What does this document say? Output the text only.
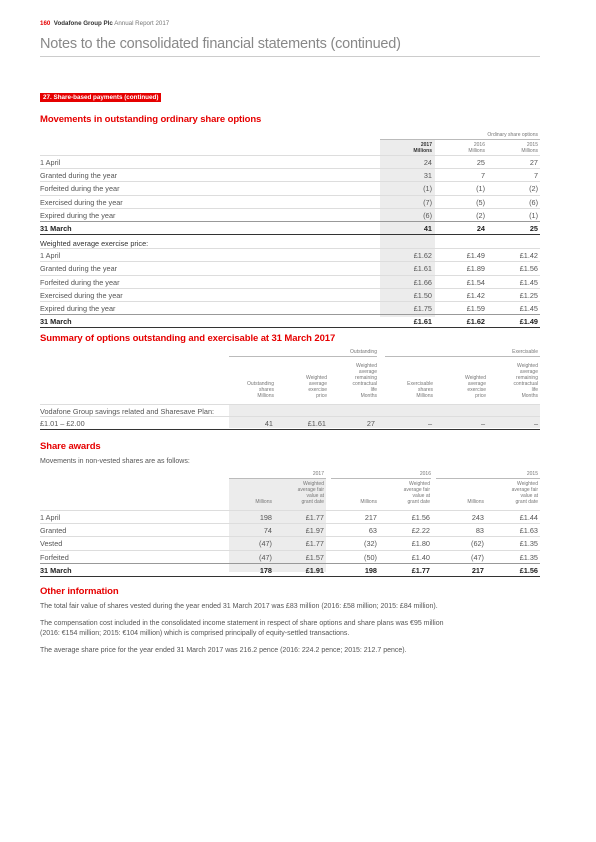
160 Vodafone Group Plc Annual Report 2017
Notes to the consolidated financial statements (continued)
27. Share-based payments (continued)
Movements in outstanding ordinary share options
Ordinary share options
2017
Millions
2016
Millions
2015
Millions
1 April	24	25	27
Granted during the year	31	7	7
Forfeited during the year	(1)	(1)	(2)
Exercised during the year	(7)	(5)	(6)
Expired during the year	(6)	(2)	(1)
31 March	41	24	25
Weighted average exercise price:
1 April	£1.62	£1.49	£1.42
Granted during the year	£1.61	£1.89	£1.56
Forfeited during the year	£1.66	£1.54	£1.45
Exercised during the year	£1.50	£1.42	£1.25
Expired during the year	£1.75	£1.59	£1.45
31 March	£1.61	£1.62	£1.49
Summary of options outstanding and exercisable at 31 March 2017
Outstanding	Exercisable
Outstanding
shares
Millions
Weighted
average
exercise
price
Weighted
average
remaining
contractual
life
Months
Exercisable
shares
Millions
Weighted
average
exercise
price
Weighted
average
remaining
contractual
life
Months
Vodafone Group savings related and Sharesave Plan:
£1.01 – £2.00	41	£1.61	27	–	–	–
Share awards
Movements in non-vested shares are as follows:
2017	2016	2015
Millions
Weighted
average fair
value at
grant date	Millions
Weighted
average fair
value at
grant date	Millions
Weighted
average fair
value at
grant date
1 April	198	£1.77	217	£1.56	243	£1.44
Granted	74	£1.97	63	£2.22	83	£1.63
Vested	(47)	£1.77	(32)	£1.80	(62)	£1.35
Forfeited	(47)	£1.57	(50)	£1.40	(47)	£1.35
31 March	178	£1.91	198	£1.77	217	£1.56
Other information
The total fair value of shares vested during the year ended 31 March 2017 was £83 million (2016: £58 million; 2015: £84 million).
The compensation cost included in the consolidated income statement in respect of share options and share plans was €95 million
(2016: €154 million; 2015: €104 million) which is comprised principally of equity-settled transactions.
The average share price for the year ended 31 March 2017 was 216.2 pence (2016: 224.2 pence; 2015: 212.7 pence).
